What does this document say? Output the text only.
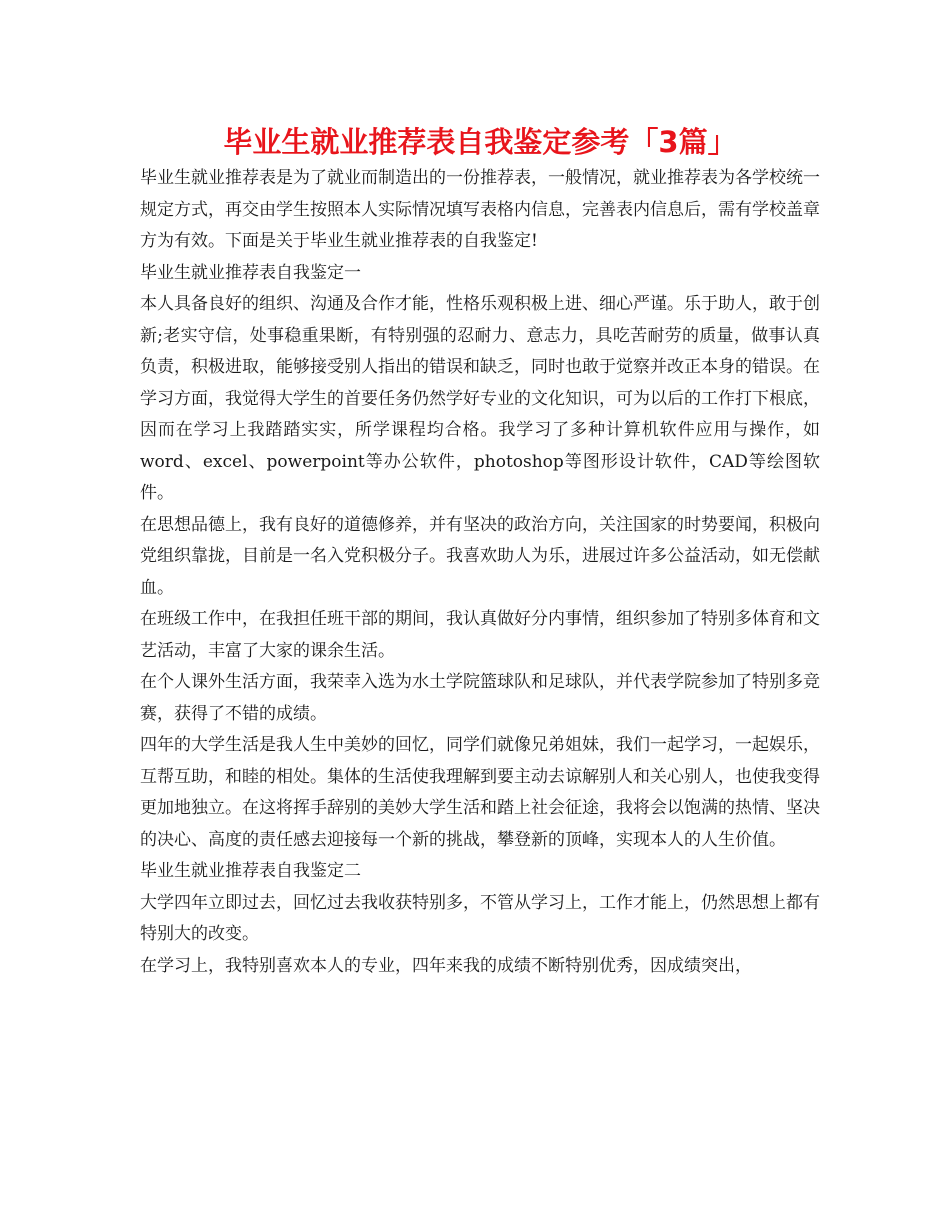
毕业生就业推荐表自我鉴定参考「3篇」

毕业生就业推荐表是为了就业而制造出的一份推荐表，一般情况，就业推荐表为各学校统一规定方式，再交由学生按照本人实际情况填写表格内信息，完善表内信息后，需有学校盖章方为有效。下面是关于毕业生就业推荐表的自我鉴定!

毕业生就业推荐表自我鉴定一

本人具备良好的组织、沟通及合作才能，性格乐观积极上进、细心严谨。乐于助人，敢于创新;老实守信，处事稳重果断，有特别强的忍耐力、意志力，具吃苦耐劳的质量，做事认真负责，积极进取，能够接受别人指出的错误和缺乏，同时也敢于觉察并改正本身的错误。在学习方面，我觉得大学生的首要任务仍然学好专业的文化知识，可为以后的工作打下根底，因而在学习上我踏踏实实，所学课程均合格。我学习了多种计算机软件应用与操作，如word、excel、powerpoint等办公软件，photoshop等图形设计软件，CAD等绘图软件。

在思想品德上，我有良好的道德修养，并有坚决的政治方向，关注国家的时势要闻，积极向党组织靠拢，目前是一名入党积极分子。我喜欢助人为乐，进展过许多公益活动，如无偿献血。

在班级工作中，在我担任班干部的期间，我认真做好分内事情，组织参加了特别多体育和文艺活动，丰富了大家的课余生活。

在个人课外生活方面，我荣幸入选为水土学院篮球队和足球队，并代表学院参加了特别多竞赛，获得了不错的成绩。

四年的大学生活是我人生中美妙的回忆，同学们就像兄弟姐妹，我们一起学习，一起娱乐，互帮互助，和睦的相处。集体的生活使我理解到要主动去谅解别人和关心别人，也使我变得更加地独立。在这将挥手辞别的美妙大学生活和踏上社会征途，我将会以饱满的热情、坚决的决心、高度的责任感去迎接每一个新的挑战，攀登新的顶峰，实现本人的人生价值。

毕业生就业推荐表自我鉴定二

大学四年立即过去，回忆过去我收获特别多，不管从学习上，工作才能上，仍然思想上都有特别大的改变。

在学习上，我特别喜欢本人的专业，四年来我的成绩不断特别优秀，因成绩突出，
